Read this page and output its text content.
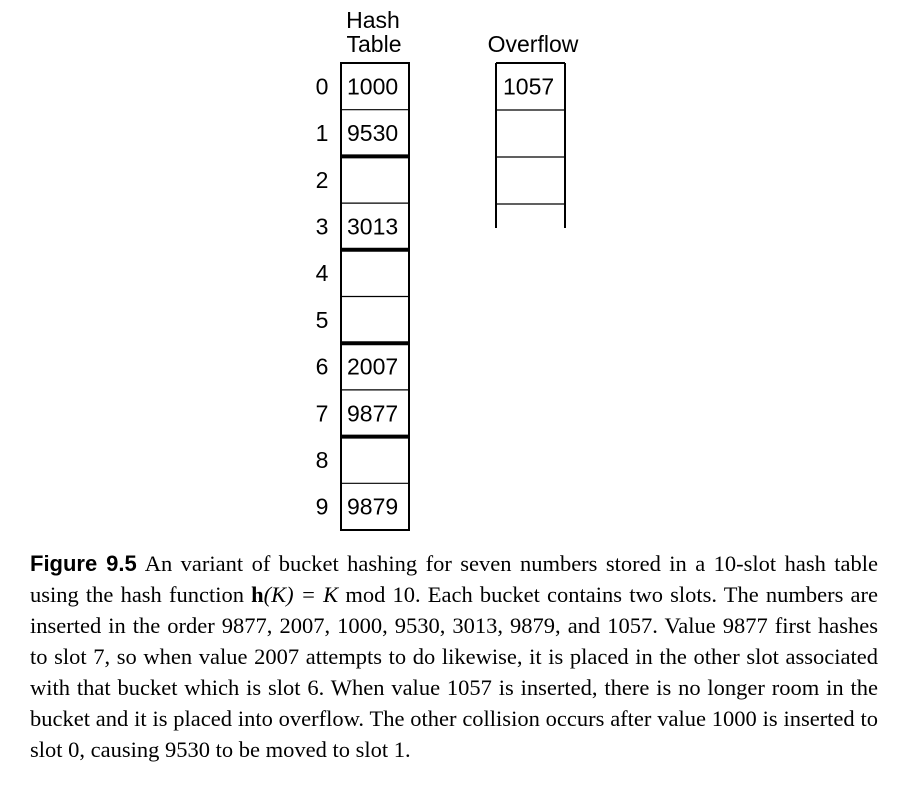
Hash
Table	Overflow
0 1000
1 9530
2
3 3013
4
5
6 2007
7 9877
8
9 9879
1057
Figure 9.5 An variant of bucket hashing for seven numbers stored in a 10-slot hash table using the hash function h(K) = K mod 10. Each bucket contains two slots. The numbers are inserted in the order 9877, 2007, 1000, 9530, 3013, 9879, and 1057. Value 9877 first hashes to slot 7, so when value 2007 attempts to do likewise, it is placed in the other slot associated with that bucket which is slot 6. When value 1057 is inserted, there is no longer room in the bucket and it is placed into overflow. The other collision occurs after value 1000 is inserted to slot 0, causing 9530 to be moved to slot 1.
